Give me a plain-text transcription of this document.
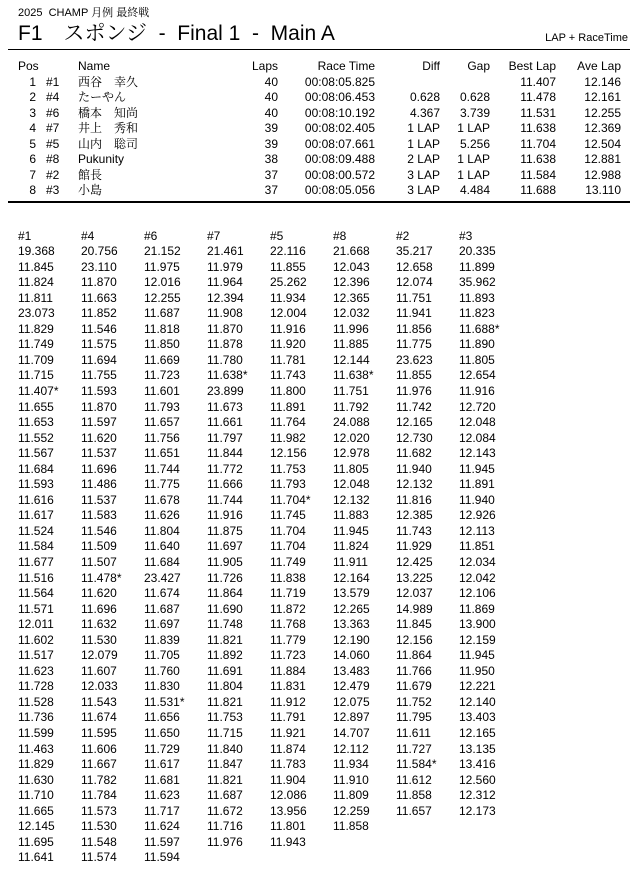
2025  CHAMP 月例 最終戦
F1　スポンジ  -  Final 1  -  Main A	LAP + RaceTime
Pos		Name	Laps	Race Time	Diff	Gap	Best Lap	Ave Lap
1	#1	西谷　幸久	40	00:08:05.825			11.407	12.146
2	#4	たーやん	40	00:08:06.453	0.628	0.628	11.478	12.161
3	#6	橋本　知尚	40	00:08:10.192	4.367	3.739	11.531	12.255
4	#7	井上　秀和	39	00:08:02.405	1 LAP	1 LAP	11.638	12.369
5	#5	山内　聡司	39	00:08:07.661	1 LAP	5.256	11.704	12.504
6	#8	Pukunity	38	00:08:09.488	2 LAP	1 LAP	11.638	12.881
7	#2	館長	37	00:08:00.572	3 LAP	1 LAP	11.584	12.988
8	#3	小島	37	00:08:05.056	3 LAP	4.484	11.688	13.110
#1	#4	#6	#7	#5	#8	#2	#3
19.368	20.756	21.152	21.461	22.116	21.668	35.217	20.335
11.845	23.110	11.975	11.979	11.855	12.043	12.658	11.899
11.824	11.870	12.016	11.964	25.262	12.396	12.074	35.962
11.811	11.663	12.255	12.394	11.934	12.365	11.751	11.893
23.073	11.852	11.687	11.908	12.004	12.032	11.941	11.823
11.829	11.546	11.818	11.870	11.916	11.996	11.856	11.688*
11.749	11.575	11.850	11.878	11.920	11.885	11.775	11.890
11.709	11.694	11.669	11.780	11.781	12.144	23.623	11.805
11.715	11.755	11.723	11.638*	11.743	11.638*	11.855	12.654
11.407*	11.593	11.601	23.899	11.800	11.751	11.976	11.916
11.655	11.870	11.793	11.673	11.891	11.792	11.742	12.720
11.653	11.597	11.657	11.661	11.764	24.088	12.165	12.048
11.552	11.620	11.756	11.797	11.982	12.020	12.730	12.084
11.567	11.537	11.651	11.844	12.156	12.978	11.682	12.143
11.684	11.696	11.744	11.772	11.753	11.805	11.940	11.945
11.593	11.486	11.775	11.666	11.793	12.048	12.132	11.891
11.616	11.537	11.678	11.744	11.704*	12.132	11.816	11.940
11.617	11.583	11.626	11.916	11.745	11.883	12.385	12.926
11.524	11.546	11.804	11.875	11.704	11.945	11.743	12.113
11.584	11.509	11.640	11.697	11.704	11.824	11.929	11.851
11.677	11.507	11.684	11.905	11.749	11.911	12.425	12.034
11.516	11.478*	23.427	11.726	11.838	12.164	13.225	12.042
11.564	11.620	11.674	11.864	11.719	13.579	12.037	12.106
11.571	11.696	11.687	11.690	11.872	12.265	14.989	11.869
12.011	11.632	11.697	11.748	11.768	13.363	11.845	13.900
11.602	11.530	11.839	11.821	11.779	12.190	12.156	12.159
11.517	12.079	11.705	11.892	11.723	14.060	11.864	11.945
11.623	11.607	11.760	11.691	11.884	13.483	11.766	11.950
11.728	12.033	11.830	11.804	11.831	12.479	11.679	12.221
11.528	11.543	11.531*	11.821	11.912	12.075	11.752	12.140
11.736	11.674	11.656	11.753	11.791	12.897	11.795	13.403
11.599	11.595	11.650	11.715	11.921	14.707	11.611	12.165
11.463	11.606	11.729	11.840	11.874	12.112	11.727	13.135
11.829	11.667	11.617	11.847	11.783	11.934	11.584*	13.416
11.630	11.782	11.681	11.821	11.904	11.910	11.612	12.560
11.710	11.784	11.623	11.687	12.086	11.809	11.858	12.312
11.665	11.573	11.717	11.672	13.956	12.259	11.657	12.173
12.145	11.530	11.624	11.716	11.801	11.858		
11.695	11.548	11.597	11.976	11.943			
11.641	11.574	11.594					
